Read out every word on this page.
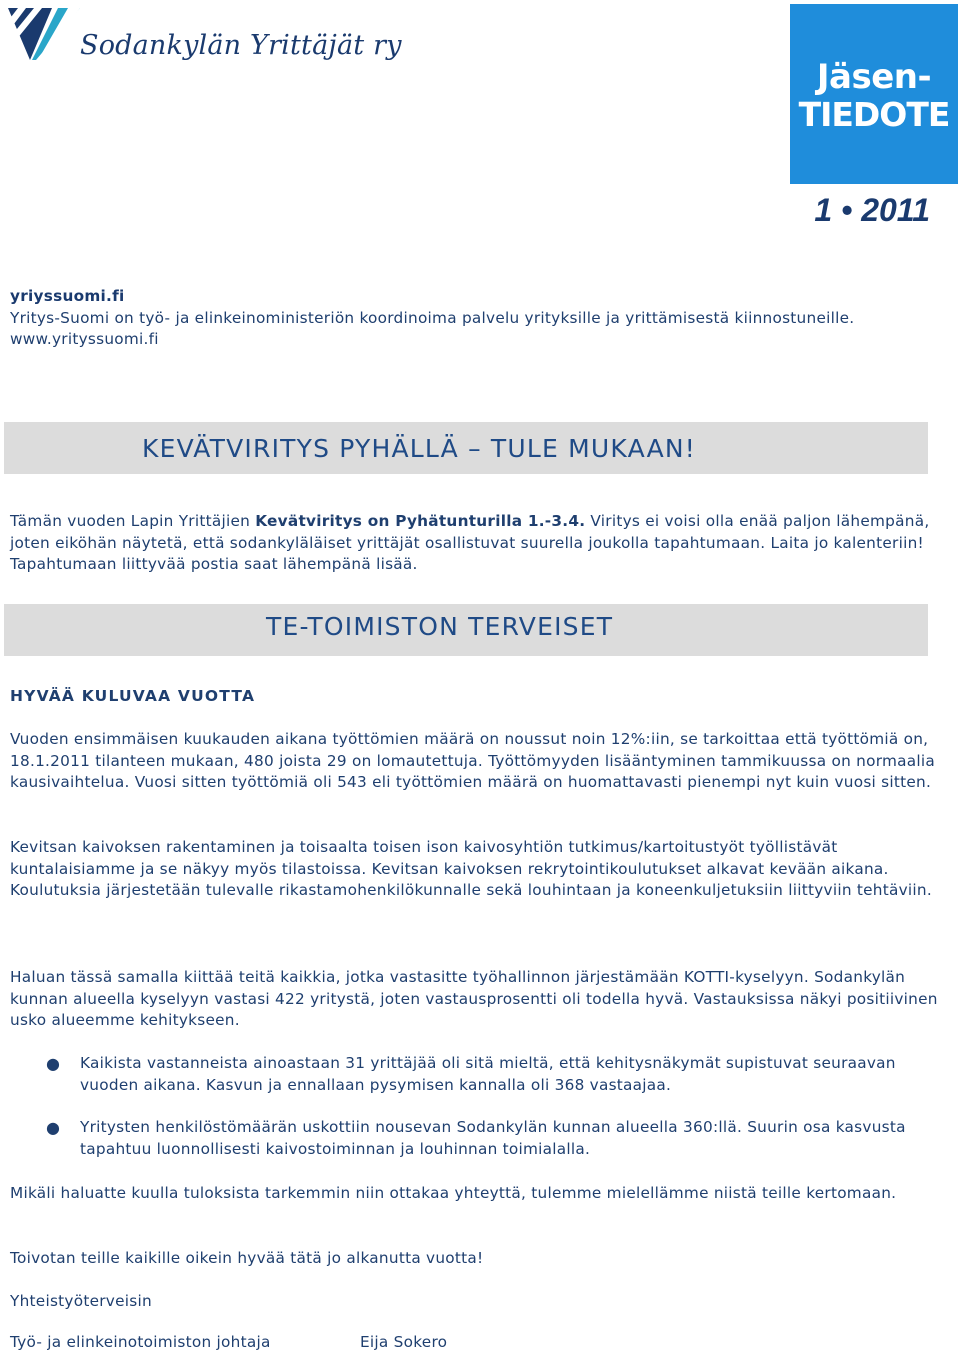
Sodankylän Yrittäjät ry
Jäsen-
TIEDOTE
1 • 2011
yriyssuomi.fi
Yritys-Suomi on työ- ja elinkeinoministeriön koordinoima palvelu yrityksille ja yrittämisestä kiinnostuneille. www.yrityssuomi.fi
KEVÄTVIRITYS PYHÄLLÄ – TULE MUKAAN!
Tämän vuoden Lapin Yrittäjien Kevätviritys on Pyhätunturilla 1.-3.4. Viritys ei voisi olla enää paljon lähempänä, joten eiköhän näytetä, että sodankyläläiset yrittäjät osallistuvat suurella joukolla tapahtumaan. Laita jo kalenteriin! Tapahtumaan liittyvää postia saat lähempänä lisää.
TE-TOIMISTON TERVEISET
HYVÄÄ KULUVAA VUOTTA
Vuoden ensimmäisen kuukauden aikana työttömien määrä on noussut noin 12%:iin, se tarkoittaa että työttömiä on, 18.1.2011 tilanteen mukaan, 480 joista 29 on lomautettuja. Työttömyyden lisääntyminen tammikuussa on normaalia kausivaihtelua. Vuosi sitten työttömiä oli 543 eli työttömien määrä on huomattavasti pienempi nyt kuin vuosi sitten.
Kevitsan kaivoksen rakentaminen ja toisaalta toisen ison kaivosyhtiön tutkimus/kartoitustyöt työllistävät kuntalaisiamme ja se näkyy myös tilastoissa. Kevitsan kaivoksen rekrytointikoulutukset alkavat kevään aikana. Koulutuksia järjestetään tulevalle rikastamohenkilökunnalle sekä louhintaan ja koneenkuljetuksiin liittyviin tehtäviin.
Haluan tässä samalla kiittää teitä kaikkia, jotka vastasitte työhallinnon järjestämään KOTTI-kyselyyn. Sodankylän kunnan alueella kyselyyn vastasi 422 yritystä, joten vastausprosentti oli todella hyvä. Vastauksissa näkyi positiivinen usko alueemme kehitykseen.
● Kaikista vastanneista ainoastaan 31 yrittäjää oli sitä mieltä, että kehitysnäkymät supistuvat seuraavan vuoden aikana. Kasvun ja ennallaan pysymisen kannalla oli 368 vastaajaa.
● Yritysten henkilöstömäärän uskottiin nousevan Sodankylän kunnan alueella 360:llä. Suurin osa kasvusta tapahtuu luonnollisesti kaivostoiminnan ja louhinnan toimialalla.
Mikäli haluatte kuulla tuloksista tarkemmin niin ottakaa yhteyttä, tulemme mielellämme niistä teille kertomaan.
Toivotan teille kaikille oikein hyvää tätä jo alkanutta vuotta!
Yhteistyöterveisin
Työ- ja elinkeinotoimiston johtaja	Eija Sokero
